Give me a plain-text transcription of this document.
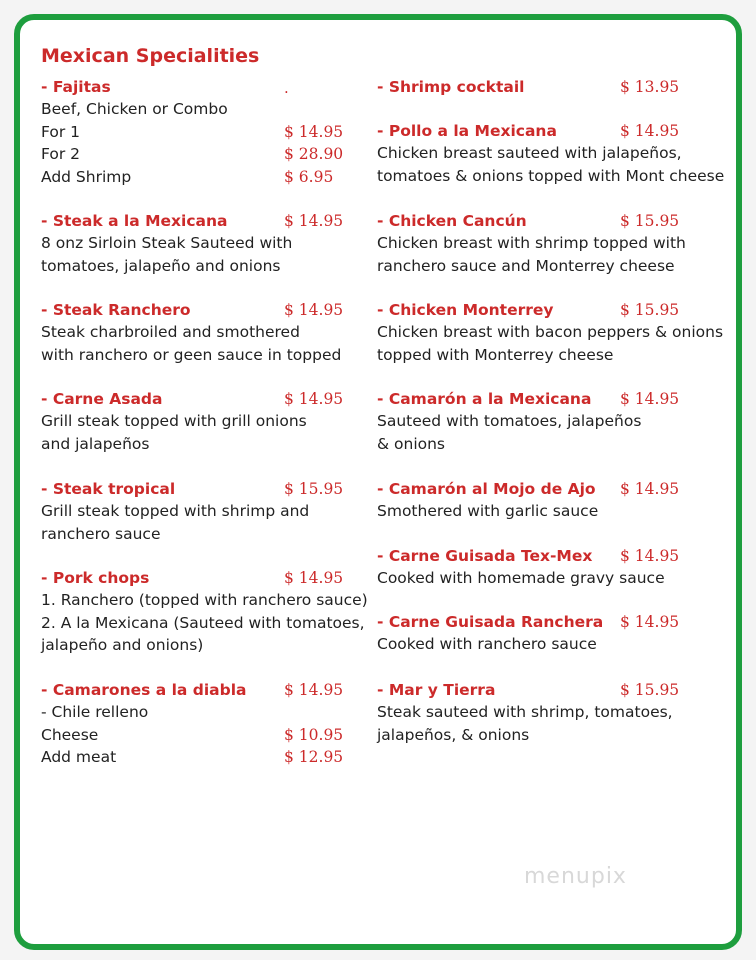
Mexican Specialities
.
menupix
- Fajitas
Beef, Chicken or Combo
For 1	$ 14.95
For 2	$ 28.90
Add Shrimp	$ 6.95
- Steak a la Mexicana	$ 14.95
8 onz Sirloin Steak Sauteed with
tomatoes, jalapeño and onions
- Steak Ranchero	$ 14.95
Steak charbroiled and smothered
with ranchero or geen sauce in topped
- Carne Asada	$ 14.95
Grill steak topped with grill onions
and jalapeños
- Steak tropical	$ 15.95
Grill steak topped with shrimp and
ranchero sauce
- Pork chops	$ 14.95
1. Ranchero (topped with ranchero sauce)
2. A la Mexicana (Sauteed with tomatoes,
jalapeño and onions)
- Camarones a la diabla $ 14.95
- Chile relleno
Cheese	$ 10.95
Add meat	$ 12.95
- Shrimp cocktail	$ 13.95
- Pollo a la Mexicana	$ 14.95
Chicken breast sauteed with jalapeños,
tomatoes & onions topped with Mont cheese
- Chicken Cancún	$ 15.95
Chicken breast with shrimp topped with
ranchero sauce and Monterrey cheese
- Chicken Monterrey	$ 15.95
Chicken breast with bacon peppers & onions
topped with Monterrey cheese
- Camarón a la Mexicana $ 14.95
Sauteed with tomatoes, jalapeños
& onions
- Camarón al Mojo de Ajo $ 14.95
Smothered with garlic sauce
- Carne Guisada Tex-Mex $ 14.95
Cooked with homemade gravy sauce
- Carne Guisada Ranchera $ 14.95
Cooked with ranchero sauce
- Mar y Tierra	$ 15.95
Steak sauteed with shrimp, tomatoes,
jalapeños, & onions
